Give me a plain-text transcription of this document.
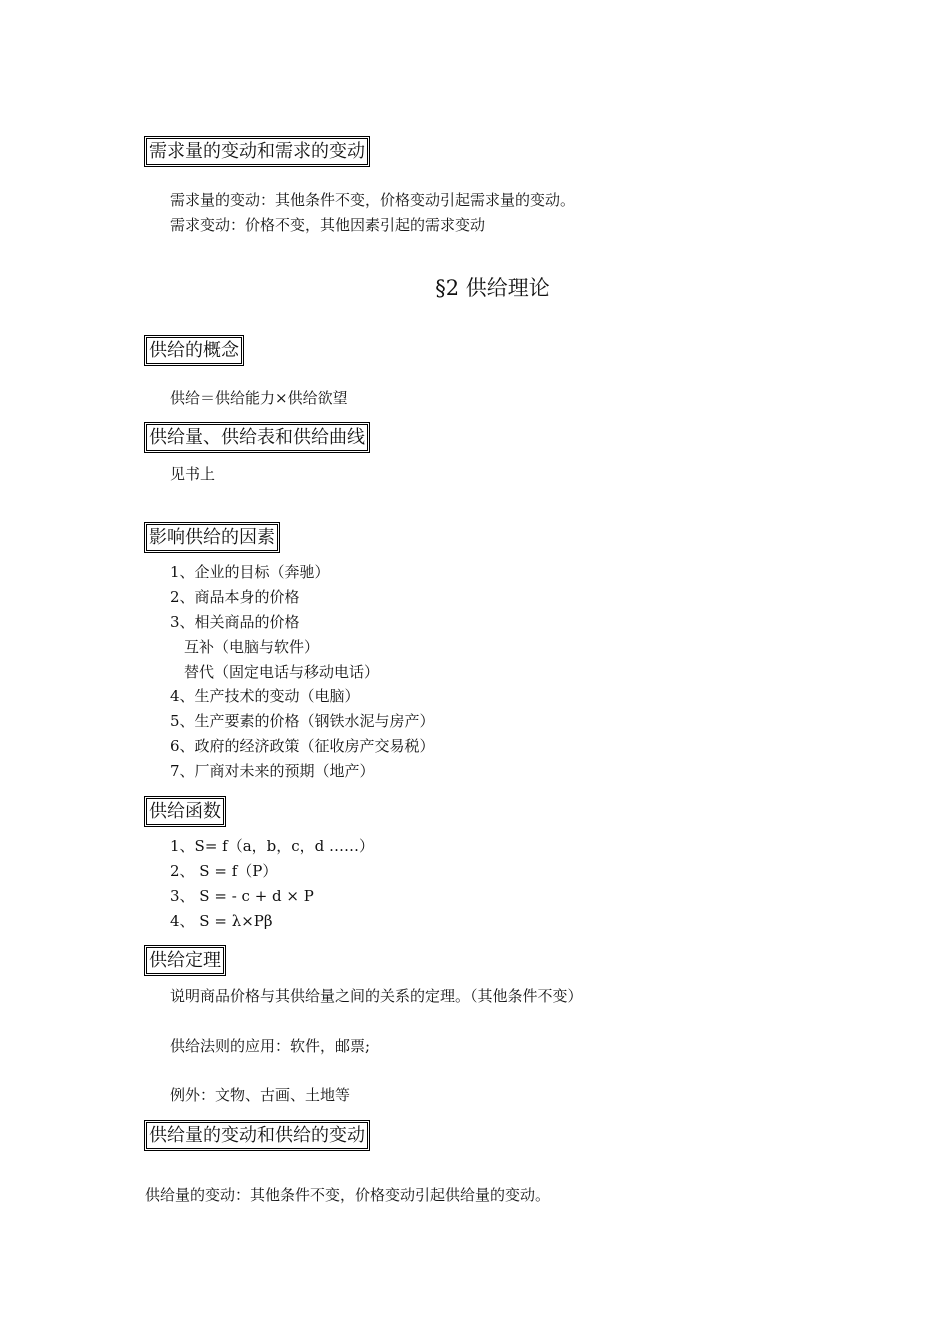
需求量的变动和需求的变动
需求量的变动：其他条件不变，价格变动引起需求量的变动。
需求变动：价格不变，其他因素引起的需求变动
§2 供给理论
供给的概念
供给＝供给能力×供给欲望
供给量、供给表和供给曲线
见书上
影响供给的因素
1、企业的目标（奔驰）
2、商品本身的价格
3、相关商品的价格
互补（电脑与软件）
替代（固定电话与移动电话）
4、生产技术的变动（电脑）
5、生产要素的价格（钢铁水泥与房产）
6、政府的经济政策（征收房产交易税）
7、厂商对未来的预期（地产）
供给函数
1、S= f（a，b，c，d ……）
2、 S = f（P）
3、 S = - c + d × P
4、 S = λ×Pβ
供给定理
说明商品价格与其供给量之间的关系的定理。（其他条件不变）
供给法则的应用：软件，邮票;
例外：文物、古画、土地等
供给量的变动和供给的变动
供给量的变动：其他条件不变，价格变动引起供给量的变动。
